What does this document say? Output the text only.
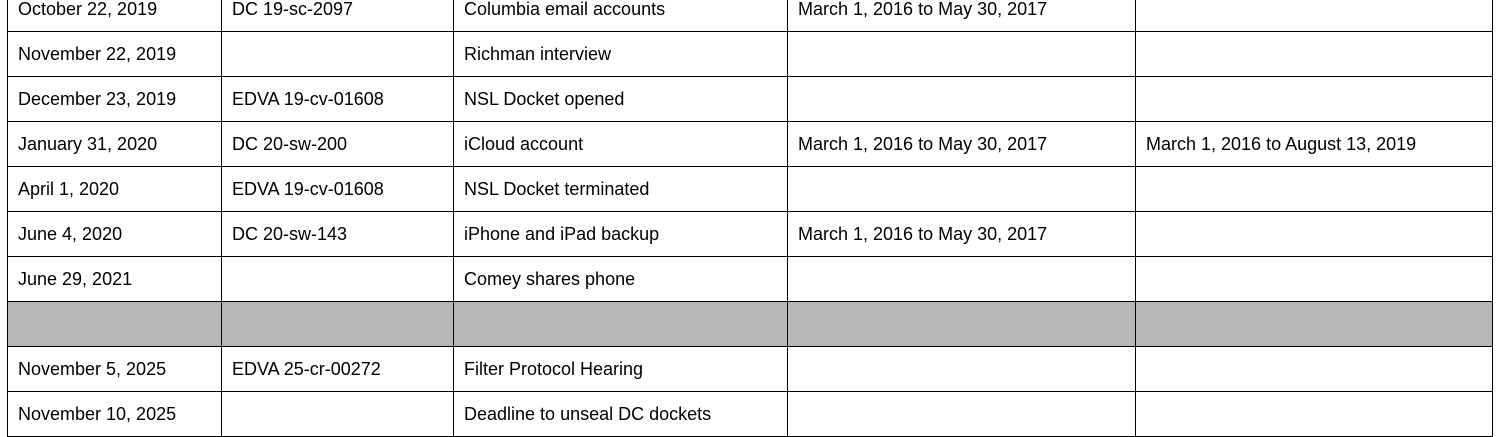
October 22, 2019	DC 19-sc-2097	Columbia email accounts	March 1, 2016 to May 30, 2017	
November 22, 2019		Richman interview		
December 23, 2019	EDVA 19-cv-01608	NSL Docket opened		
January 31, 2020	DC 20-sw-200	iCloud account	March 1, 2016 to May 30, 2017	March 1, 2016 to August 13, 2019
April 1, 2020	EDVA 19-cv-01608	NSL Docket terminated		
June 4, 2020	DC 20-sw-143	iPhone and iPad backup	March 1, 2016 to May 30, 2017	
June 29, 2021		Comey shares phone		

November 5, 2025	EDVA 25-cr-00272	Filter Protocol Hearing		
November 10, 2025		Deadline to unseal DC dockets		
